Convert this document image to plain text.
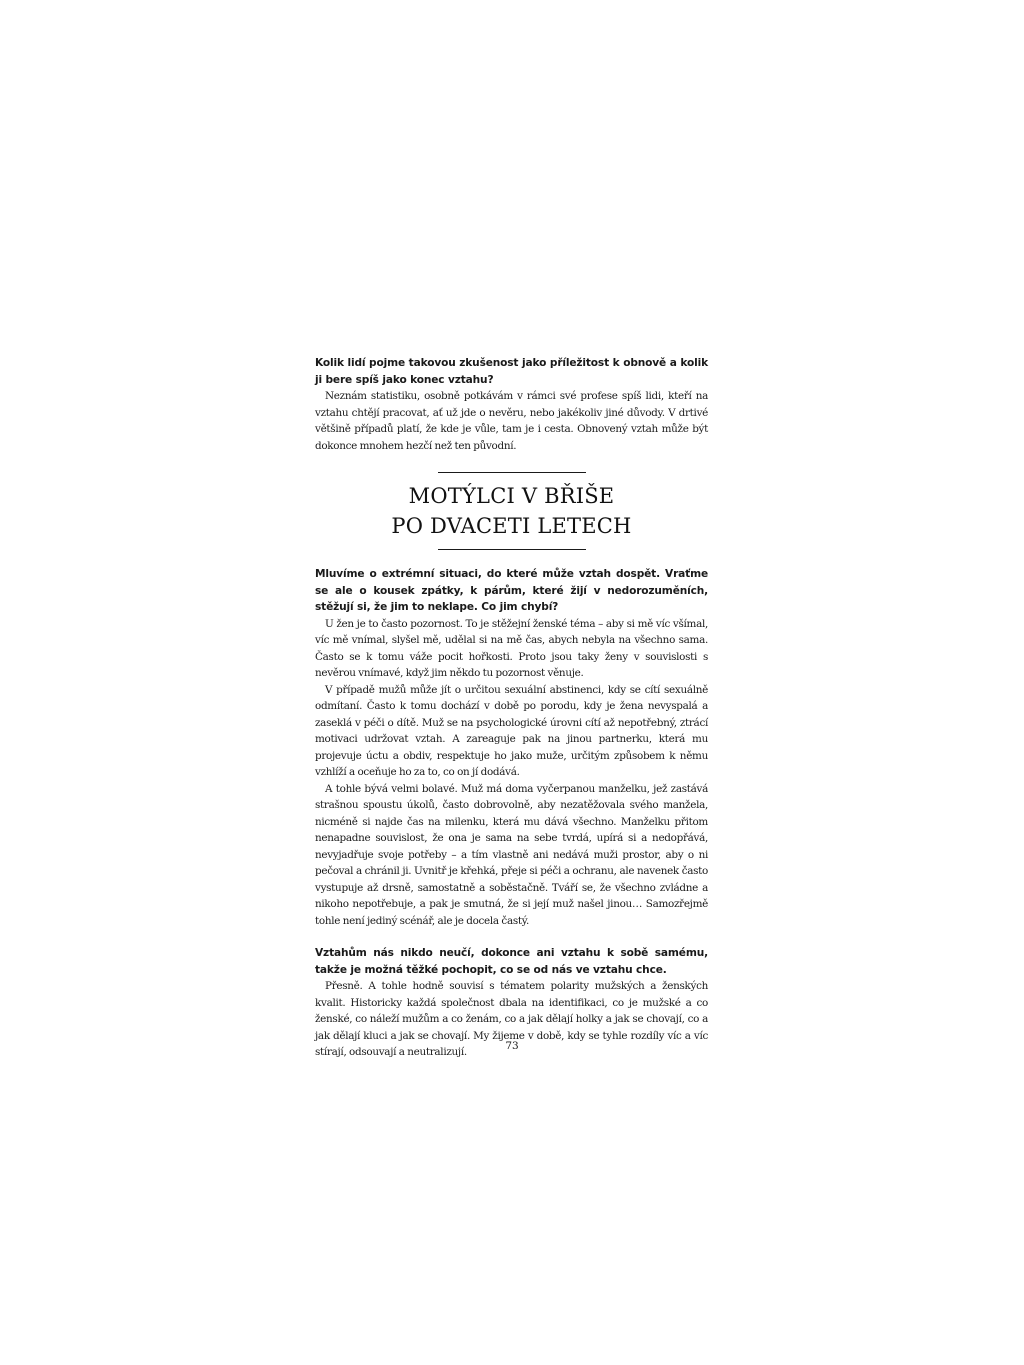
Kolik lidí pojme takovou zkušenost jako příležitost k obnově a kolik ji bere spíš jako konec vztahu?

Neznám statistiku, osobně potkávám v rámci své profese spíš lidi, kteří na vztahu chtějí pracovat, ať už jde o nevěru, nebo jakékoliv jiné důvody. V drtivé většině případů platí, že kde je vůle, tam je i cesta. Obnovený vztah může být dokonce mnohem hezčí než ten původní.

MOTÝLCI V BŘIŠE
PO DVACETI LETECH

Mluvíme o extrémní situaci, do které může vztah dospět. Vraťme se ale o kousek zpátky, k párům, které žijí v nedorozuměních, stěžují si, že jim to neklape. Co jim chybí?

U žen je to často pozornost. To je stěžejní ženské téma – aby si mě víc všímal, víc mě vnímal, slyšel mě, udělal si na mě čas, abych nebyla na všechno sama. Často se k tomu váže pocit hořkosti. Proto jsou taky ženy v souvislosti s nevěrou vnímavé, když jim někdo tu pozornost věnuje.

V případě mužů může jít o určitou sexuální abstinenci, kdy se cítí sexuálně odmítaní. Často k tomu dochází v době po porodu, kdy je žena nevyspalá a zaseklá v péči o dítě. Muž se na psychologické úrovni cítí až nepotřebný, ztrácí motivaci udržovat vztah. A zareaguje pak na jinou partnerku, která mu projevuje úctu a obdiv, respektuje ho jako muže, určitým způsobem k němu vzhlíží a oceňuje ho za to, co on jí dodává.

A tohle bývá velmi bolavé. Muž má doma vyčerpanou manželku, jež zastává strašnou spoustu úkolů, často dobrovolně, aby nezatěžovala svého manžela, nicméně si najde čas na milenku, která mu dává všechno. Manželku přitom nenapadne souvislost, že ona je sama na sebe tvrdá, upírá si a nedopřává, nevyjadřuje svoje potřeby – a tím vlastně ani nedává muži prostor, aby o ni pečoval a chránil ji. Uvnitř je křehká, přeje si péči a ochranu, ale navenek často vystupuje až drsně, samostatně a soběstačně. Tváří se, že všechno zvládne a nikoho nepotřebuje, a pak je smutná, že si její muž našel jinou… Samozřejmě tohle není jediný scénář, ale je docela častý.

Vztahům nás nikdo neučí, dokonce ani vztahu k sobě samému, takže je možná těžké pochopit, co se od nás ve vztahu chce.

Přesně. A tohle hodně souvisí s tématem polarity mužských a ženských kvalit. Historicky každá společnost dbala na identifikaci, co je mužské a co ženské, co náleží mužům a co ženám, co a jak dělají holky a jak se chovají, co a jak dělají kluci a jak se chovají. My žijeme v době, kdy se tyhle rozdíly víc a víc stírají, odsouvají a neutralizují.	73
